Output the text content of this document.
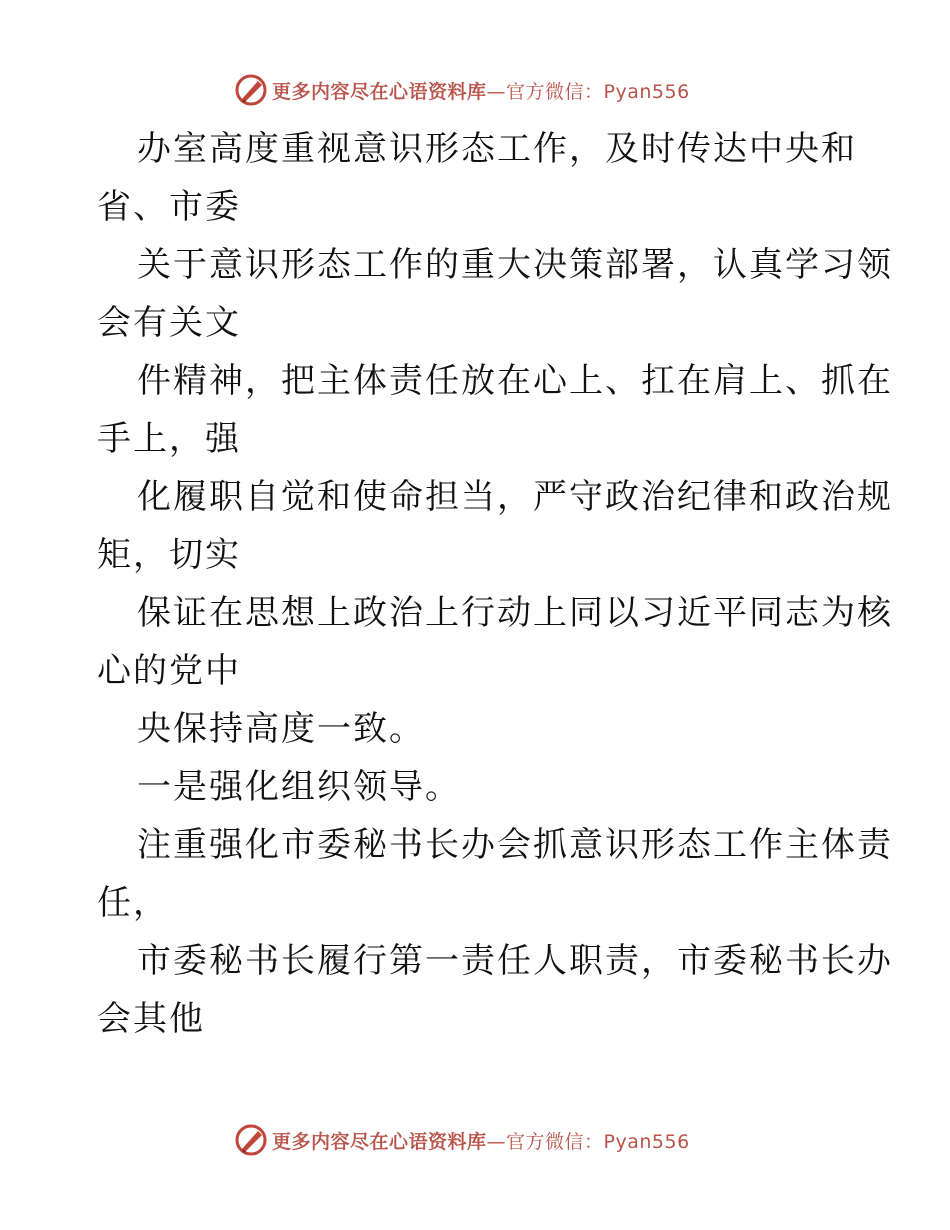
更多内容尽在心语资料库—官方微信：Pyan556
办室高度重视意识形态工作，及时传达中央和
省、市委
关于意识形态工作的重大决策部署，认真学习领
会有关文
件精神，把主体责任放在心上、扛在肩上、抓在
手上，强
化履职自觉和使命担当，严守政治纪律和政治规
矩，切实
保证在思想上政治上行动上同以习近平同志为核
心的党中
央保持高度一致。
一是强化组织领导。
注重强化市委秘书长办会抓意识形态工作主体责
任，
市委秘书长履行第一责任人职责，市委秘书长办
会其他
更多内容尽在心语资料库—官方微信：Pyan556
